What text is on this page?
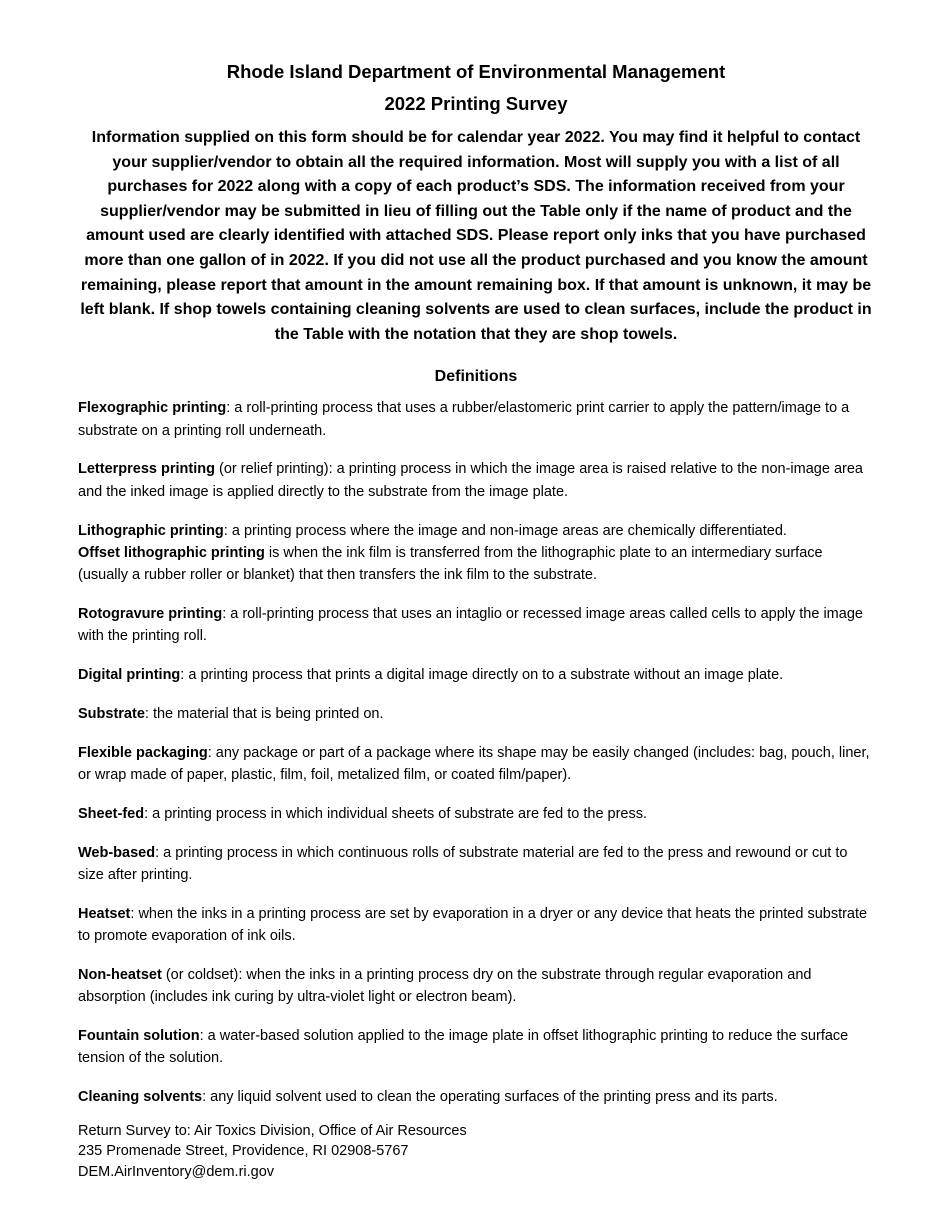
Rhode Island Department of Environmental Management

2022 Printing Survey

Information supplied on this form should be for calendar year 2022. You may find it helpful to contact your supplier/vendor to obtain all the required information. Most will supply you with a list of all purchases for 2022 along with a copy of each product’s SDS. The information received from your supplier/vendor may be submitted in lieu of filling out the Table only if the name of product and the amount used are clearly identified with attached SDS. Please report only inks that you have purchased more than one gallon of in 2022. If you did not use all the product purchased and you know the amount remaining, please report that amount in the amount remaining box. If that amount is unknown, it may be left blank. If shop towels containing cleaning solvents are used to clean surfaces, include the product in the Table with the notation that they are shop towels.

Definitions

Flexographic printing: a roll-printing process that uses a rubber/elastomeric print carrier to apply the pattern/image to a substrate on a printing roll underneath.

Letterpress printing (or relief printing): a printing process in which the image area is raised relative to the non-image area and the inked image is applied directly to the substrate from the image plate.

Lithographic printing: a printing process where the image and non-image areas are chemically differentiated.
Offset lithographic printing is when the ink film is transferred from the lithographic plate to an intermediary surface (usually a rubber roller or blanket) that then transfers the ink film to the substrate.

Rotogravure printing: a roll-printing process that uses an intaglio or recessed image areas called cells to apply the image with the printing roll.

Digital printing: a printing process that prints a digital image directly on to a substrate without an image plate.

Substrate: the material that is being printed on.

Flexible packaging: any package or part of a package where its shape may be easily changed (includes: bag, pouch, liner, or wrap made of paper, plastic, film, foil, metalized film, or coated film/paper).

Sheet-fed: a printing process in which individual sheets of substrate are fed to the press.

Web-based: a printing process in which continuous rolls of substrate material are fed to the press and rewound or cut to size after printing.

Heatset: when the inks in a printing process are set by evaporation in a dryer or any device that heats the printed substrate to promote evaporation of ink oils.

Non-heatset (or coldset): when the inks in a printing process dry on the substrate through regular evaporation and absorption (includes ink curing by ultra-violet light or electron beam).

Fountain solution: a water-based solution applied to the image plate in offset lithographic printing to reduce the surface tension of the solution.

Cleaning solvents: any liquid solvent used to clean the operating surfaces of the printing press and its parts.

Return Survey to: Air Toxics Division, Office of Air Resources
235 Promenade Street, Providence, RI 02908-5767
DEM.AirInventory@dem.ri.gov
